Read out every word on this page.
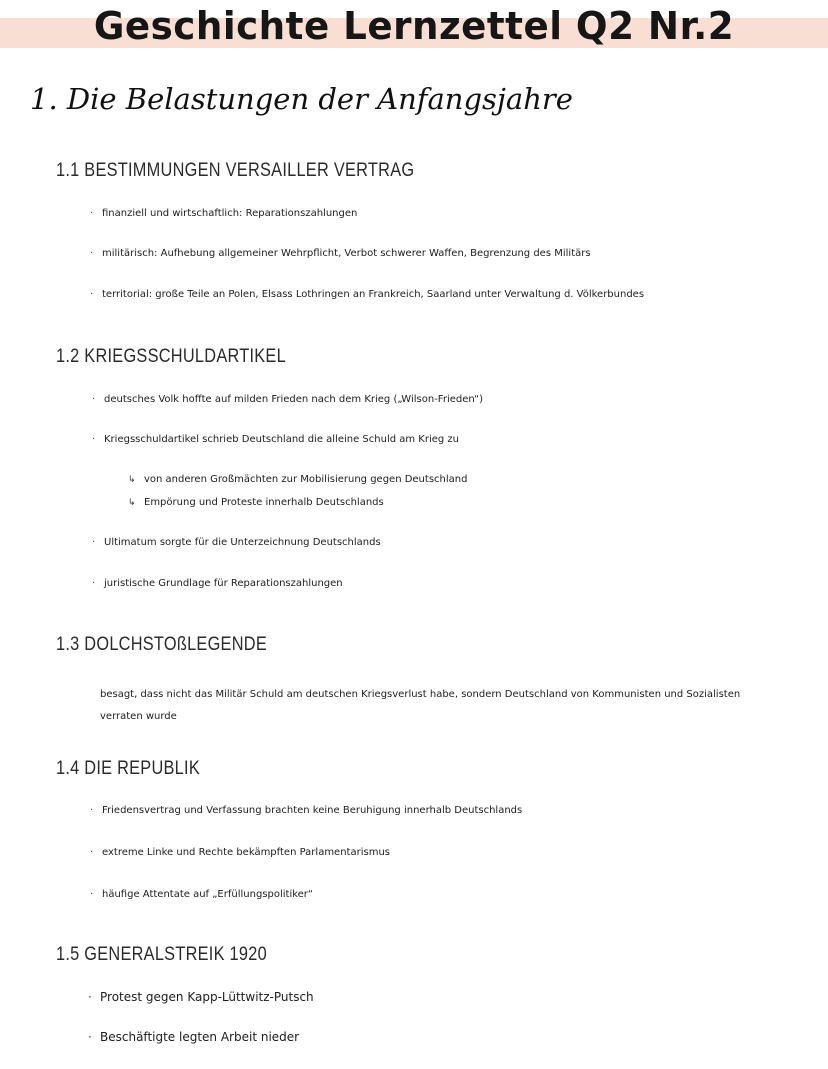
Geschichte Lernzettel Q2 Nr.2
1. Die Belastungen der Anfangsjahre
1.1 BESTIMMUNGEN VERSAILLER VERTRAG
· finanziell und wirtschaftlich: Reparationszahlungen
· militärisch: Aufhebung allgemeiner Wehrpflicht, Verbot schwerer Waffen, Begrenzung des Militärs
· territorial: große Teile an Polen, Elsass Lothringen an Frankreich, Saarland unter Verwaltung d. Völkerbundes
1.2 KRIEGSSCHULDARTIKEL
· deutsches Volk hoffte auf milden Frieden nach dem Krieg („Wilson-Frieden“)
· Kriegsschuldartikel schrieb Deutschland die alleine Schuld am Krieg zu
↳ von anderen Großmächten zur Mobilisierung gegen Deutschland
↳ Empörung und Proteste innerhalb Deutschlands
· Ultimatum sorgte für die Unterzeichnung Deutschlands
· juristische Grundlage für Reparationszahlungen
1.3 DOLCHSTOßLEGENDE
besagt, dass nicht das Militär Schuld am deutschen Kriegsverlust habe, sondern Deutschland von Kommunisten und Sozialisten verraten wurde
1.4 DIE REPUBLIK
· Friedensvertrag und Verfassung brachten keine Beruhigung innerhalb Deutschlands
· extreme Linke und Rechte bekämpften Parlamentarismus
· häufige Attentate auf „Erfüllungspolitiker“
1.5 GENERALSTREIK 1920
· Protest gegen Kapp-Lüttwitz-Putsch
· Beschäftigte legten Arbeit nieder
